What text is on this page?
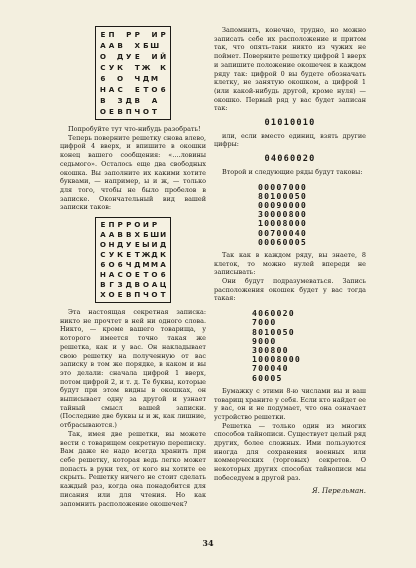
Е П Р Р И Р
А А В Х Б Ш
О Д У Е И Й
С У К Т Ж К
6 О Ч Д М
Н А С Е Т О 6
В З Д В А
О Е В П Ч О Т

Попробуйте тут что-нибудь разобрать!

Теперь поверните решетку снова влево, цифрой 4 вверх, и впишите в окошки конец вашего сообщения: «….ловины седьмого». Осталось еще два свободных окошка. Вы заполните их какими хотите буквами, — например, ы и ж, — только для того, чтобы не было пробелов в записке. Окончательный вид вашей записки таков:

Е П Р Р О И Р
А А В В Х Б Ш И
О Н Д У Е Ы И Д
С У К Е Т Ж Д К
6 О 6 Ч Д М М А
Н А С О Е Т О 6
В Г З Д В О А Ц
Х О Е В П Ч О Т

Эта настоящая секретная записка: никто не прочтет в ней ни одного слова. Никто, — кроме вашего товарища, у которого имеется точно такая же решетка, как и у вас. Он накладывает свою решетку на полученную от вас записку в том же порядке, в каком и вы это делали: сначала цифрой 1 вверх, потом цифрой 2, и т. д. Те буквы, которые будут при этом видны в окошках, он выписывает одну за другой и узнает тайный смысл вашей записки. (Последние две буквы ы и ж, как лишние, отбрасываются.)

Так, имея две решетки, вы можете вести с товарищем секретную переписку. Вам даже не надо всегда хранить при себе решетку, которая ведь легко может попасть в руки тех, от кого вы хотите ее скрыть. Решетку ничего не стоит сделать каждый раз, когда она понадобится для писания или для чтения. Но как запомнить расположение окошечек?

Запомнить, конечно, трудно, но можно записать себе их расположение и притом так, что опять-таки никто из чужих не поймет. Поверните решетку цифрой 1 вверх и запишите положение окошечек в каждом ряду так: цифрой 0 вы будете обозначать клетку, не занятую окошком, а цифрой 1 (или какой-нибудь другой, кроме нуля) — окошко. Первый ряд у вас будет записан так:

01010010

или, если вместо единиц, взять другие цифры:

04060020

Второй и следующие ряды будут таковы:

00007000
80100050
00090000
30000800
10008000
00700040
00060005

Так как в каждом ряду, вы знаете, 8 клеток, то можно нулей впереди не записывать:

Они будут подразумеваться. Запись расположения окошек будет у вас тогда такая:

4060020
7000
8010050
9000
300800
10008000
700040
60005

Бумажку с этими 8-ю числами вы и ваш товарищ храните у себя. Если кто найдет ее у вас, он и не подумает, что она означает устройство решетки.

Решетка — только один из многих способов тайнописи. Существует целый ряд других, более сложных. Ими пользуются иногда для сохранения военных или коммерческих (торговых) секретов. О некоторых других способах тайнописи мы побеседуем в другой раз.

Я. Перельман.
34
